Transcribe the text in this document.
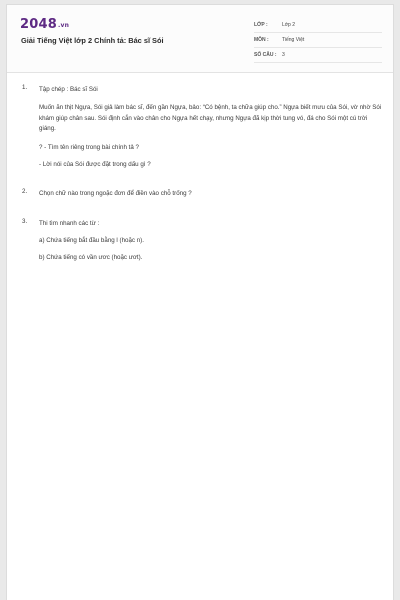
2048.vn
Giải Tiếng Việt lớp 2 Chính tả: Bác sĩ Sói
LỚP :	Lớp 2
MÔN :	Tiếng Việt
SỐ CÂU :	3
1. Tập chép : Bác sĩ Sói
Muốn ăn thịt Ngựa, Sói giả làm bác sĩ, đến gần Ngựa, bảo: “Có bệnh, ta chữa giúp cho.” Ngựa biết mưu của Sói, vờ nhờ Sói khám giúp chân sau. Sói định cắn vào chân cho Ngựa hết chạy, nhưng Ngựa đã kịp thời tung vó, đá cho Sói một cú trời giáng.
? - Tìm tên riêng trong bài chính tả ?
- Lời nói của Sói được đặt trong dấu gì ?
2. Chọn chữ nào trong ngoặc đơn để điền vào chỗ trống ?
3. Thi tìm nhanh các từ :
a) Chứa tiếng bắt đầu bằng l (hoặc n).
b) Chứa tiếng có vần ươc (hoặc ươt).
